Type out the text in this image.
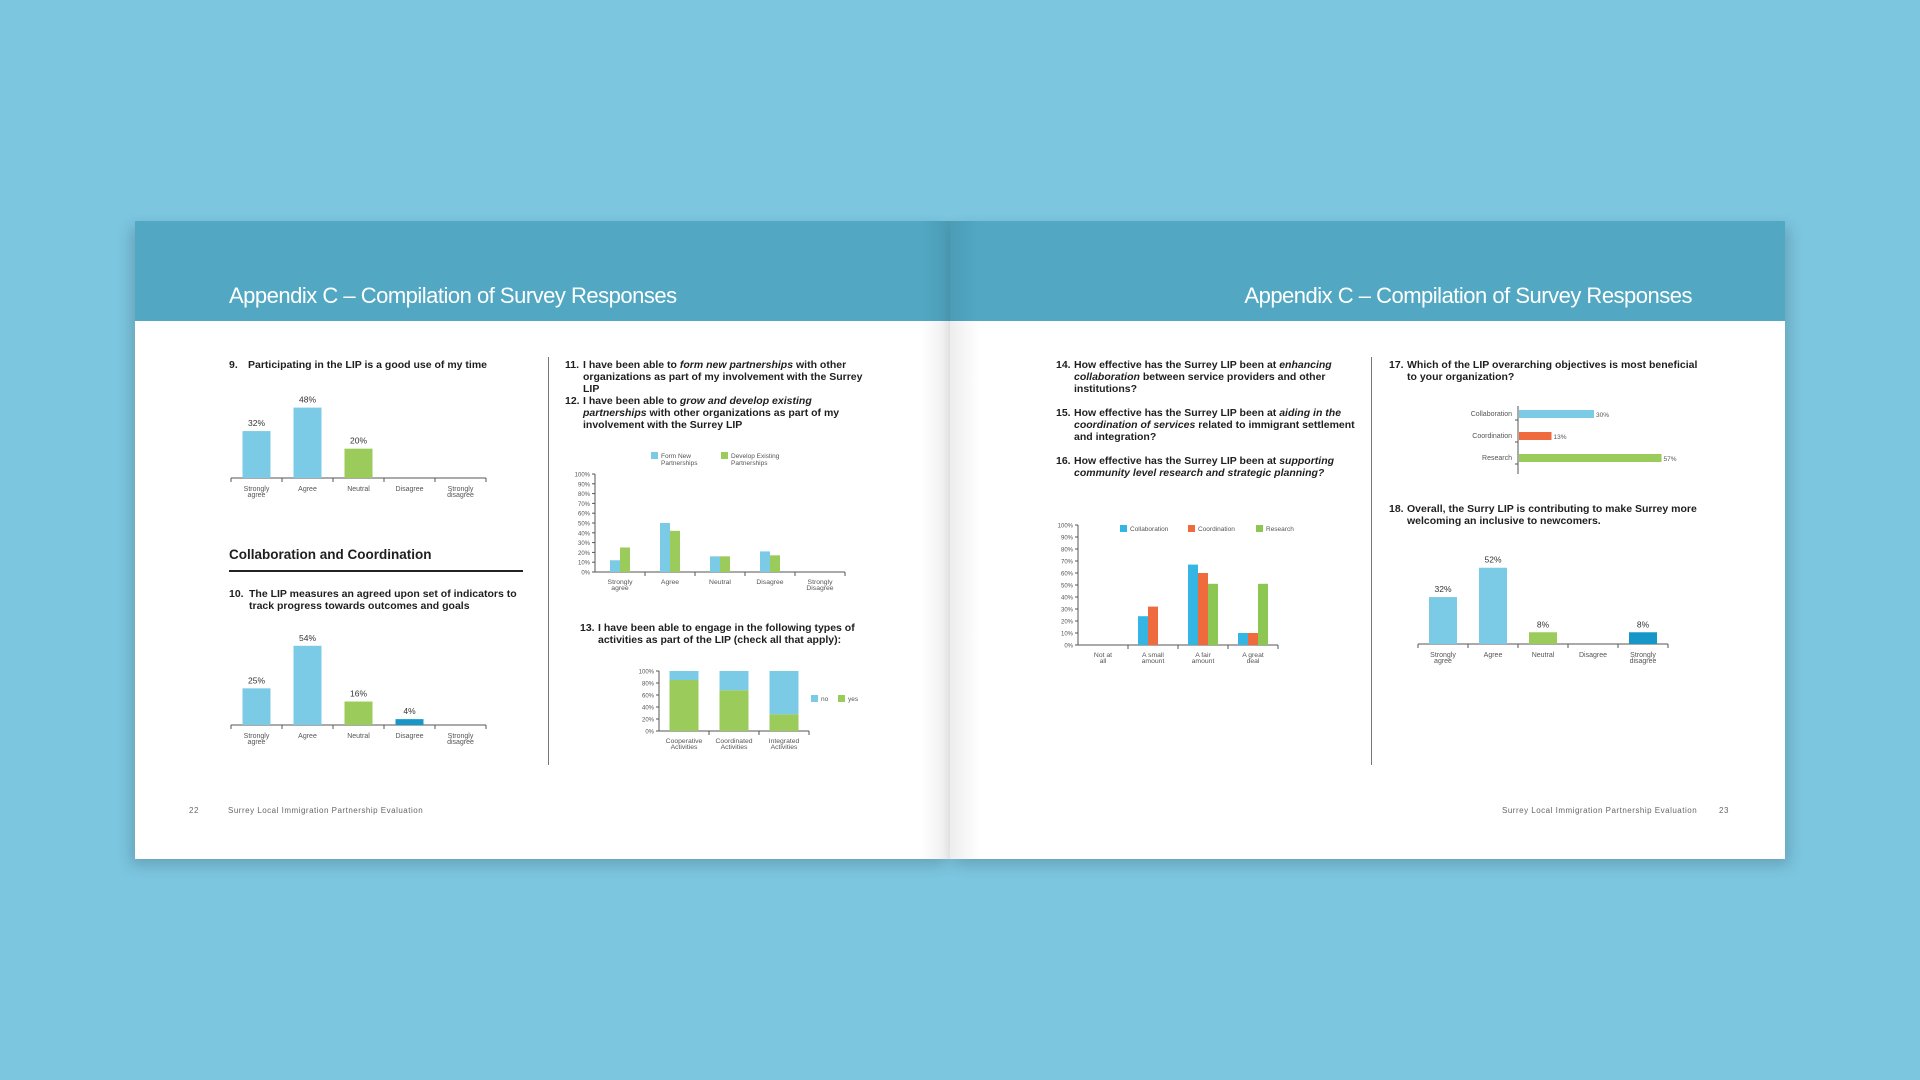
Appendix C – Compilation of Survey Responses
9. Participating in the LIP is a good use of my time
Collaboration and Coordination
10. The LIP measures an agreed upon set of indicators to track progress towards outcomes and goals
11. I have been able to form new partnerships with other organizations as part of my involvement with the Surrey LIP
12. I have been able to grow and develop existing partnerships with other organizations as part of my involvement with the Surrey LIP
13. I have been able to engage in the following types of activities as part of the LIP (check all that apply):
22	Surrey Local Immigration Partnership Evaluation
32%
Strongly agree
48%
Agree
20%
Neutral	Disagree	Strongly disagree
25%
Strongly agree
54%
Agree
16%
Neutral
4%
Disagree	Strongly disagree
0%
10%
20%
30%
40%
50%
60%
70%
80%
90%
100%
Strongly agree
Agree	Neutral	Disagree	Strongly Disagree
Form New Partnerships
Develop Existing Partnerships
0%
20%
40%
60%
80%
100%
Cooperative Activities
Coordinated Activities
Integrated Activities
no	yes
Appendix C – Compilation of Survey Responses
14. How effective has the Surrey LIP been at enhancing collaboration between service providers and other institutions?
15. How effective has the Surrey LIP been at aiding in the coordination of services related to immigrant settlement and integration?
16. How effective has the Surrey LIP been at supporting community level research and strategic planning?
17. Which of the LIP overarching objectives is most beneficial to your organization?
18. Overall, the Surry LIP is contributing to make Surrey more welcoming an inclusive to newcomers.
Surrey Local Immigration Partnership Evaluation	23
0%
10%
20%
30%
40%
50%
60%
70%
80%
90%
100%
Not at all
A small amount
A fair amount
A great deal
Collaboration	Coordination	Research
Collaboration	30%
Coordination	13%
Research	57%
32%
Strongly agree
52%
Agree
8%
Neutral	Disagree
8%
Strongly disagree
